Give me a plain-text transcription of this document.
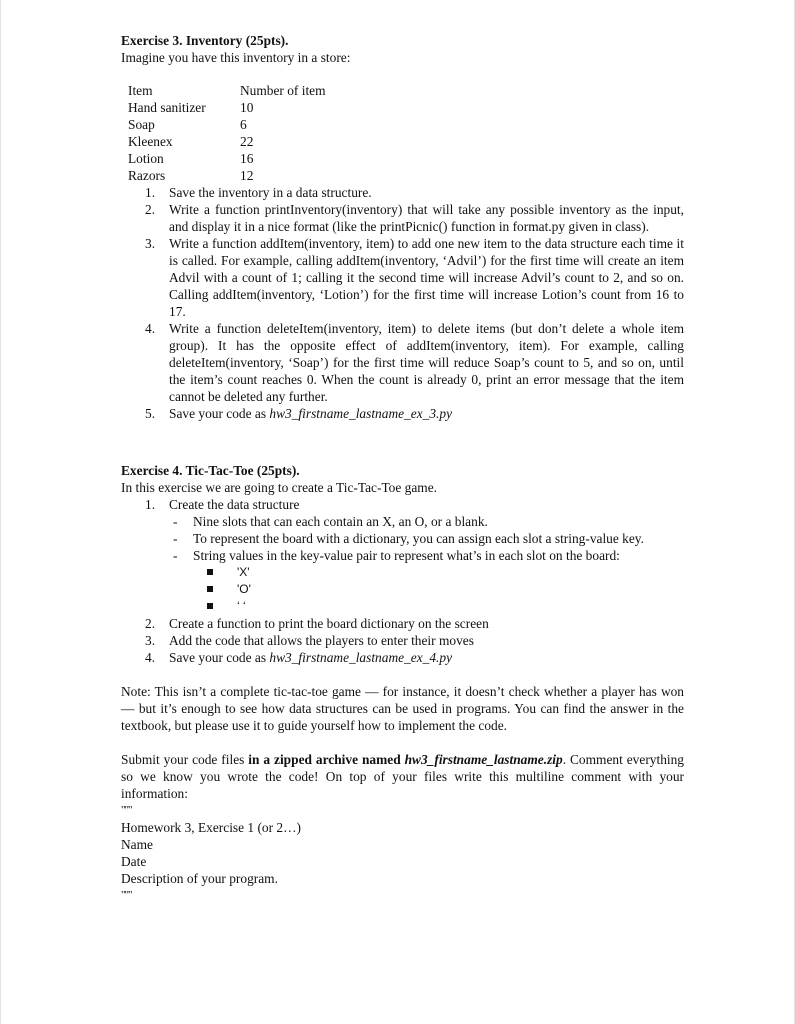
Exercise 3. Inventory (25pts).

Imagine you have this inventory in a store:

Item	Number of item
Hand sanitizer	10
Soap	6
Kleenex	22
Lotion	16
Razors	12
1. Save the inventory in a data structure.
2. Write a function printInventory(inventory) that will take any possible inventory as the input, and display it in a nice format (like the printPicnic() function in format.py given in class).
3. Write a function addItem(inventory, item) to add one new item to the data structure each time it is called. For example, calling addItem(inventory, ‘Advil’) for the first time will create an item Advil with a count of 1; calling it the second time will increase Advil’s count to 2, and so on. Calling addItem(inventory, ‘Lotion’) for the first time will increase Lotion’s count from 16 to 17.
4. Write a function deleteItem(inventory, item) to delete items (but don’t delete a whole item group). It has the opposite effect of addItem(inventory, item). For example, calling deleteItem(inventory, ‘Soap’) for the first time will reduce Soap’s count to 5, and so on, until the item’s count reaches 0. When the count is already 0, print an error message that the item cannot be deleted any further.
5. Save your code as hw3_firstname_lastname_ex_3.py

Exercise 4. Tic-Tac-Toe (25pts).

In this exercise we are going to create a Tic-Tac-Toe game.

1. Create the data structure
- Nine slots that can each contain an X, an O, or a blank.
- To represent the board with a dictionary, you can assign each slot a string-value key.
- String values in the key-value pair to represent what’s in each slot on the board:
'X'
'O'
‘ ‘
2. Create a function to print the board dictionary on the screen
3. Add the code that allows the players to enter their moves
4. Save your code as hw3_firstname_lastname_ex_4.py

Note: This isn’t a complete tic-tac-toe game — for instance, it doesn’t check whether a player has won — but it’s enough to see how data structures can be used in programs. You can find the answer in the textbook, but please use it to guide yourself how to implement the code.

Submit your code files in a zipped archive named hw3_firstname_lastname.zip. Comment everything so we know you wrote the code! On top of your files write this multiline comment with your information:

"""
Homework 3, Exercise 1 (or 2…)
Name
Date
Description of your program.
"""
